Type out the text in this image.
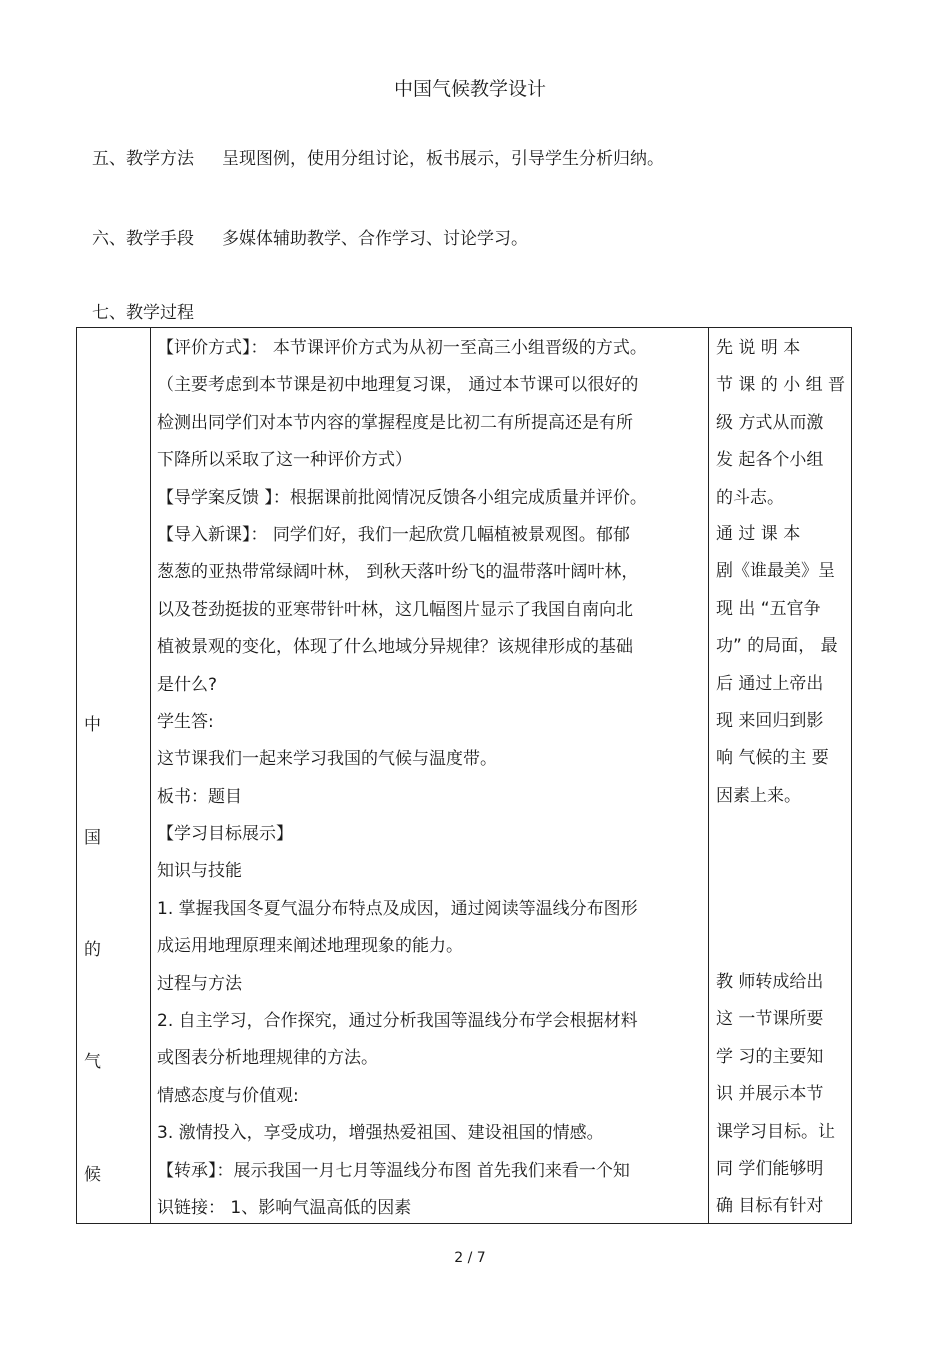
中国气候教学设计
五、教学方法 呈现图例，使用分组讨论，板书展示，引导学生分析归纳。
六、教学手段 多媒体辅助教学、合作学习、讨论学习。
七、教学过程
中
国
的
气
候
【评价方式】： 本节课评价方式为从初一至高三小组晋级的方式。
（主要考虑到本节课是初中地理复习课， 通过本节课可以很好的
检测出同学们对本节内容的掌握程度是比初二有所提高还是有所
下降所以采取了这一种评价方式）
【导学案反馈 】：根据课前批阅情况反馈各小组完成质量并评价。
【导入新课】： 同学们好，我们一起欣赏几幅植被景观图。郁郁
葱葱的亚热带常绿阔叶林， 到秋天落叶纷飞的温带落叶阔叶林，
以及苍劲挺拔的亚寒带针叶林，这几幅图片显示了我国自南向北
植被景观的变化，体现了什么地域分异规律？该规律形成的基础
是什么?
学生答:
这节课我们一起来学习我国的气候与温度带。
板书：题目
【学习目标展示】
知识与技能
1. 掌握我国冬夏气温分布特点及成因，通过阅读等温线分布图形
成运用地理原理来阐述地理现象的能力。
过程与方法
2. 自主学习，合作探究，通过分析我国等温线分布学会根据材料
或图表分析地理规律的方法。
情感态度与价值观:
3. 激情投入，享受成功，增强热爱祖国、建设祖国的情感。
【转承】：展示我国一月七月等温线分布图 首先我们来看一个知
识链接： 1、影响气温高低的因素
先 说 明 本
节 课 的 小 组 晋
级 方式从而激
发 起各个小组
的斗志。
通 过 课 本
剧《谁最美》呈
现 出 “五官争
功” 的局面， 最
后 通过上帝出
现 来回归到影
响 气候的主 要
因素上来。
教 师转成给出
这 一节课所要
学 习的主要知
识 并展示本节
课学习目标。让
同 学们能够明
确 目标有针对
2 / 7
